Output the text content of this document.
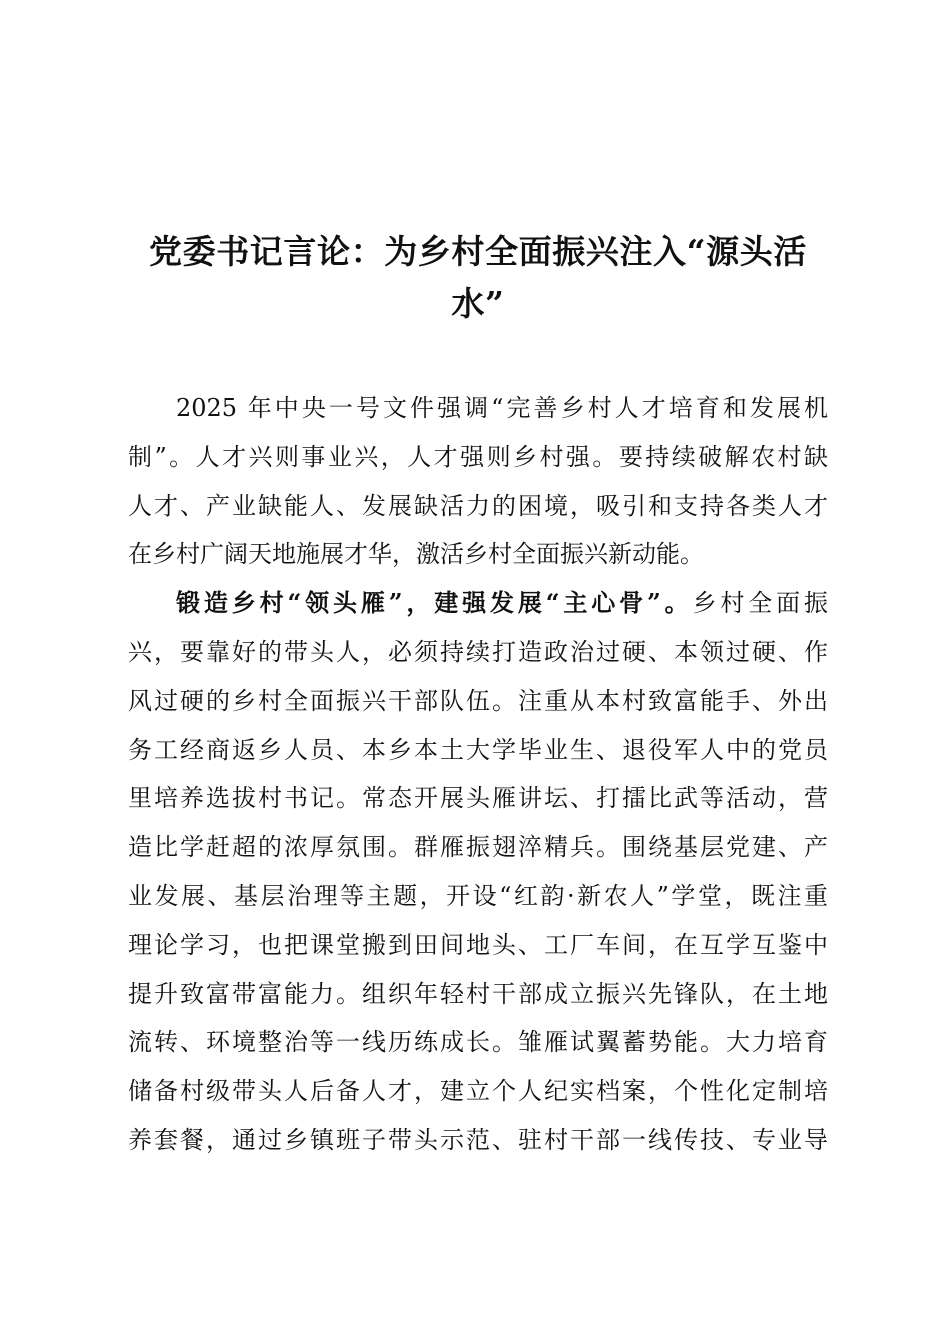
党委书记言论：为乡村全面振兴注入“源头活
水”
2025 年中央一号文件强调“完善乡村人才培育和发展机
制”。人才兴则事业兴，人才强则乡村强。要持续破解农村缺
人才、产业缺能人、发展缺活力的困境，吸引和支持各类人才
在乡村广阔天地施展才华，激活乡村全面振兴新动能。
锻造乡村“领头雁”，建强发展“主心骨”。乡村全面振
兴，要靠好的带头人，必须持续打造政治过硬、本领过硬、作
风过硬的乡村全面振兴干部队伍。注重从本村致富能手、外出
务工经商返乡人员、本乡本土大学毕业生、退役军人中的党员
里培养选拔村书记。常态开展头雁讲坛、打擂比武等活动，营
造比学赶超的浓厚氛围。群雁振翅淬精兵。围绕基层党建、产
业发展、基层治理等主题，开设“红韵·新农人”学堂，既注重
理论学习，也把课堂搬到田间地头、工厂车间，在互学互鉴中
提升致富带富能力。组织年轻村干部成立振兴先锋队，在土地
流转、环境整治等一线历练成长。雏雁试翼蓄势能。大力培育
储备村级带头人后备人才，建立个人纪实档案，个性化定制培
养套餐，通过乡镇班子带头示范、驻村干部一线传技、专业导
